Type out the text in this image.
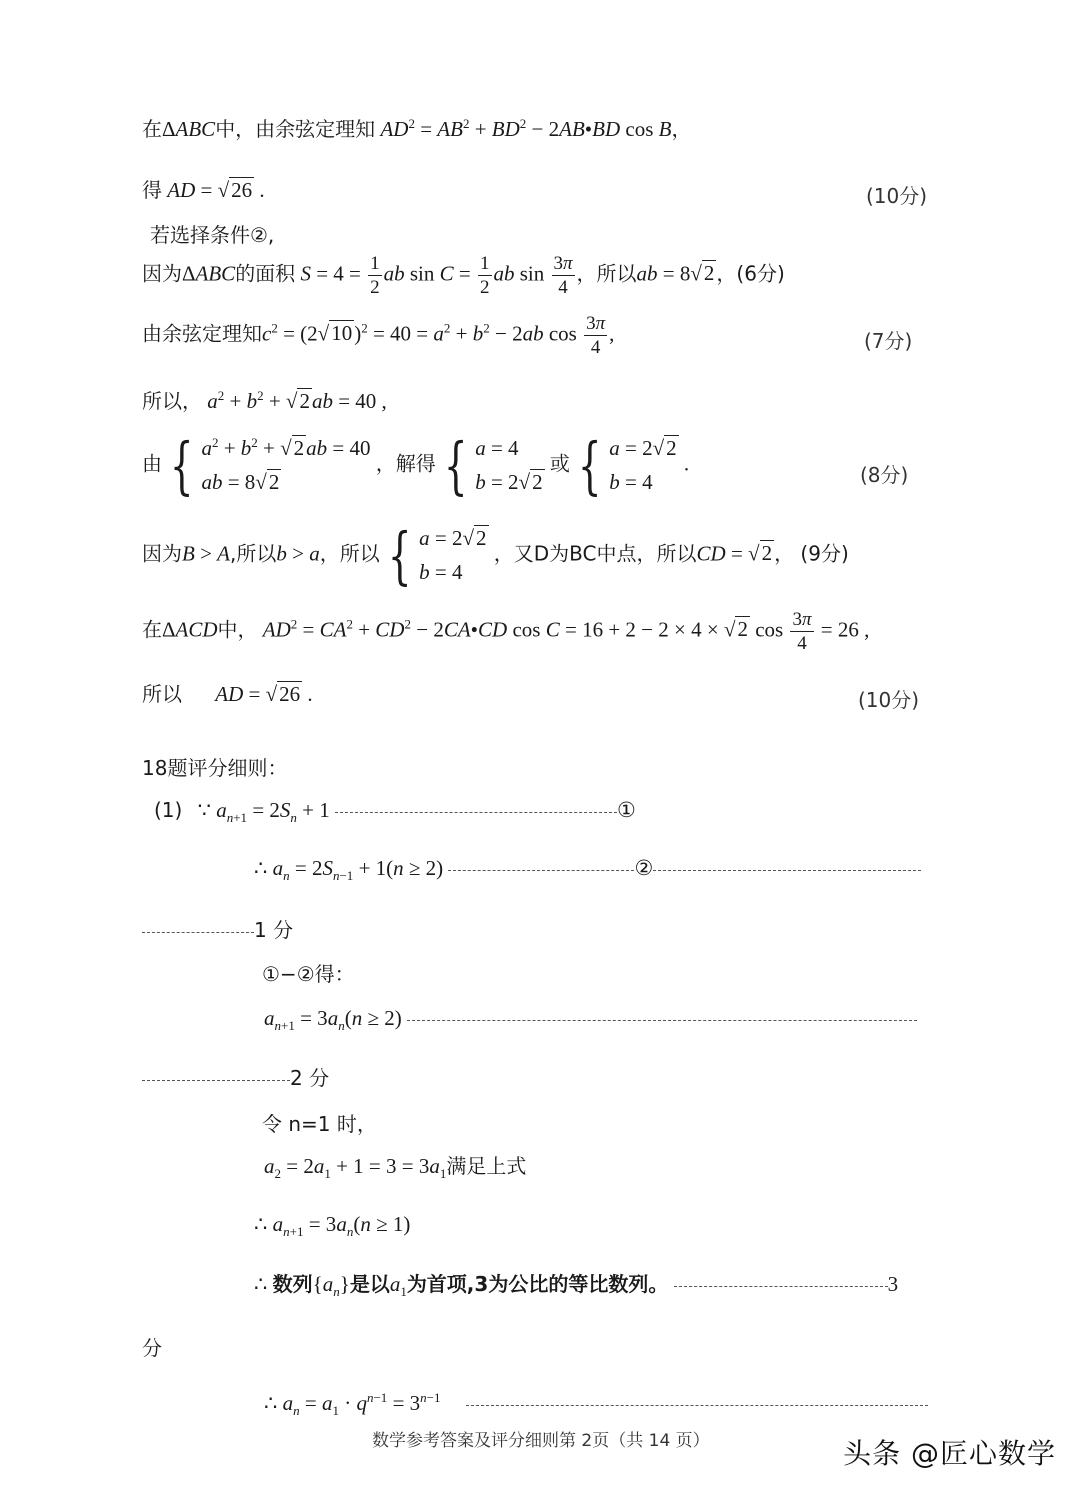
在ΔABC中，由余弦定理知 $AD^2 = AB^2 + BD^2$ − 2AB•BD cos B，
得 AD = √26 .	(10分)
若选择条件②,
因为ΔABC的面积 $S = 4 = \frac{1}{2}$ ab $\sin C = \frac{1}{2}$ ab $\sin \frac{3\pi}{4}$ ，所以ab = 8√2 ，(6分)
由余弦定理知$c^2 = (2√10)^2 = 40 = a^2 + b^2 - 2ab$ $\cos \frac{3\pi}{4}$ ,	(7分)
所以， $a^2 + b^2 + √2ab = 40$ ,
由 { $a^2 + b^2 + √2ab = 40$
ab = 8√2 ，解得 { a = 4
b = 2√2 或 { a = 2√2
b = 4 .	(8分)
因为B > A,所以b > a，所以 { a = 2√2
b = 4 ，又D为BC中点，所以CD = √2 ， (9分)
在ΔACD中， $AD^2 = CA^2 + CD^2$ − 2CA•CD cos C = 16 + 2 − 2 × 4 × √2 $\cos \frac{3\pi}{4} = 26$ ,
所以 AD = √26 .	(10分)
18题评分细则：
(1) ∵ $a_{n+1} = 2S_n + 1$	①
∴ $a_n = 2S_{n-1} + 1(n \ge 2)$	②
1 分
①−②得：
$a_{n+1} = 3a_n(n \ge 2)$
2 分
令 n=1 时，
$a_2 = 2a_1 + 1 = 3 = 3a_1$满足上式
∴ $a_{n+1} = 3a_n(n \ge 1)$
∴ 数列$\{a_n\}$是以$a_1$为首项,3为公比的等比数列。	3
分
∴ $a_n = a_1 \cdot q^{n-1} = 3^{n-1}$
数学参考答案及评分细则第 2页（共 14 页）	头条 @匠心数学
